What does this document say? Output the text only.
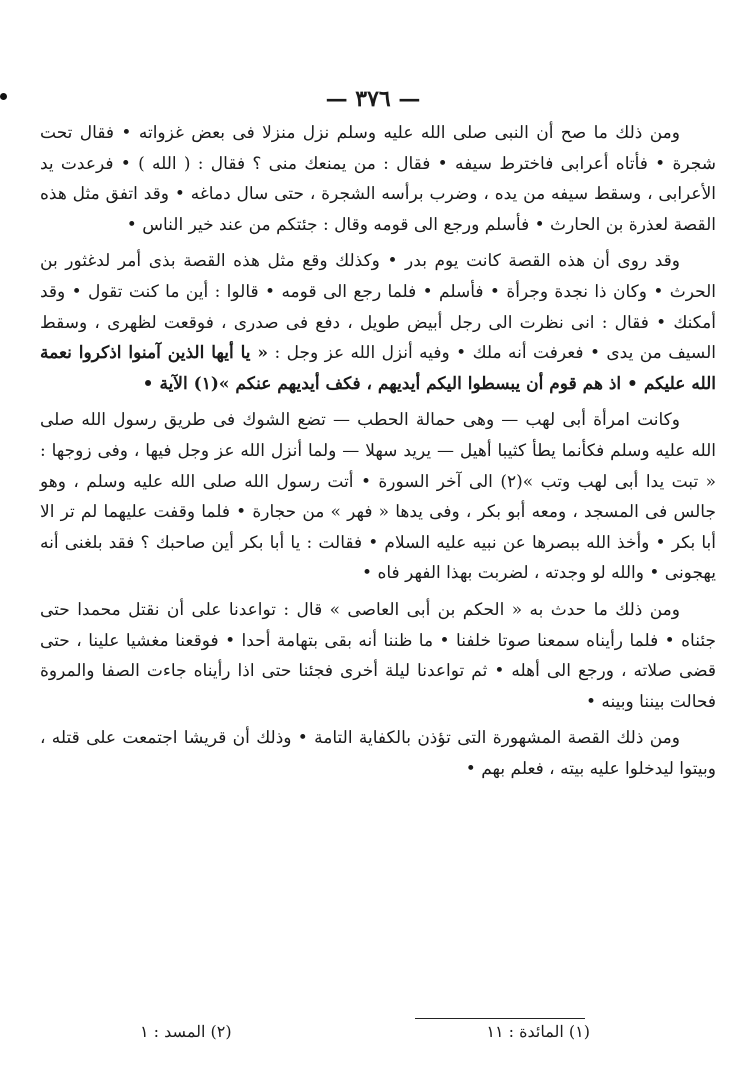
— ٣٧٦ —

ومن ذلك ما صح أن النبى صلى الله عليه وسلم نزل منزلا فى بعض غزواته • فقال تحت شجرة • فأتاه أعرابى فاخترط سيفه • فقال : من يمنعك منى ؟ فقال : ( الله ) • فرعدت يد الأعرابى ، وسقط سيفه من يده ، وضرب برأسه الشجرة ، حتى سال دماغه • وقد اتفق مثل هذه القصة لعذرة بن الحارث • فأسلم ورجع الى قومه وقال : جئتكم من عند خير الناس •

وقد روى أن هذه القصة كانت يوم بدر • وكذلك وقع مثل هذه القصة بذى أمر لدغثور بن الحرث • وكان ذا نجدة وجرأة • فأسلم • فلما رجع الى قومه • قالوا : أين ما كنت تقول • وقد أمكنك • فقال : انى نظرت الى رجل أبيض طويل ، دفع فى صدرى ، فوقعت لظهرى ، وسقط السيف من يدى • فعرفت أنه ملك • وفيه أنزل الله عز وجل : « يا أيها الذين آمنوا اذكروا نعمة الله عليكم • اذ هم قوم أن يبسطوا اليكم أيديهم ، فكف أيديهم عنكم »(١) الآية •

وكانت امرأة أبى لهب — وهى حمالة الحطب — تضع الشوك فى طريق رسول الله صلى الله عليه وسلم فكأنما يطأ كثيبا أهيل — يريد سهلا — ولما أنزل الله عز وجل فيها ، وفى زوجها : « تبت يدا أبى لهب وتب »(٢) الى آخر السورة • أتت رسول الله صلى الله عليه وسلم ، وهو جالس فى المسجد ، ومعه أبو بكر ، وفى يدها « فهر » من حجارة • فلما وقفت عليهما لم تر الا أبا بكر • وأخذ الله ببصرها عن نبيه عليه السلام • فقالت : يا أبا بكر أين صاحبك ؟ فقد بلغنى أنه يهجونى • والله لو وجدته ، لضربت بهذا الفهر فاه •

ومن ذلك ما حدث به « الحكم بن أبى العاصى » قال : تواعدنا على أن نقتل محمدا حتى جئناه • فلما رأيناه سمعنا صوتا خلفنا • ما ظننا أنه بقى بتهامة أحدا • فوقعنا مغشيا علينا ، حتى قضى صلاته ، ورجع الى أهله • ثم تواعدنا ليلة أخرى فجئنا حتى اذا رأيناه جاءت الصفا والمروة فحالت بيننا وبينه •

ومن ذلك القصة المشهورة التى تؤذن بالكفاية التامة • وذلك أن قريشا اجتمعت على قتله ، وبيتوا ليدخلوا عليه بيته ، فعلم بهم •

(١) المائدة : ١١
(٢) المسد : ١
